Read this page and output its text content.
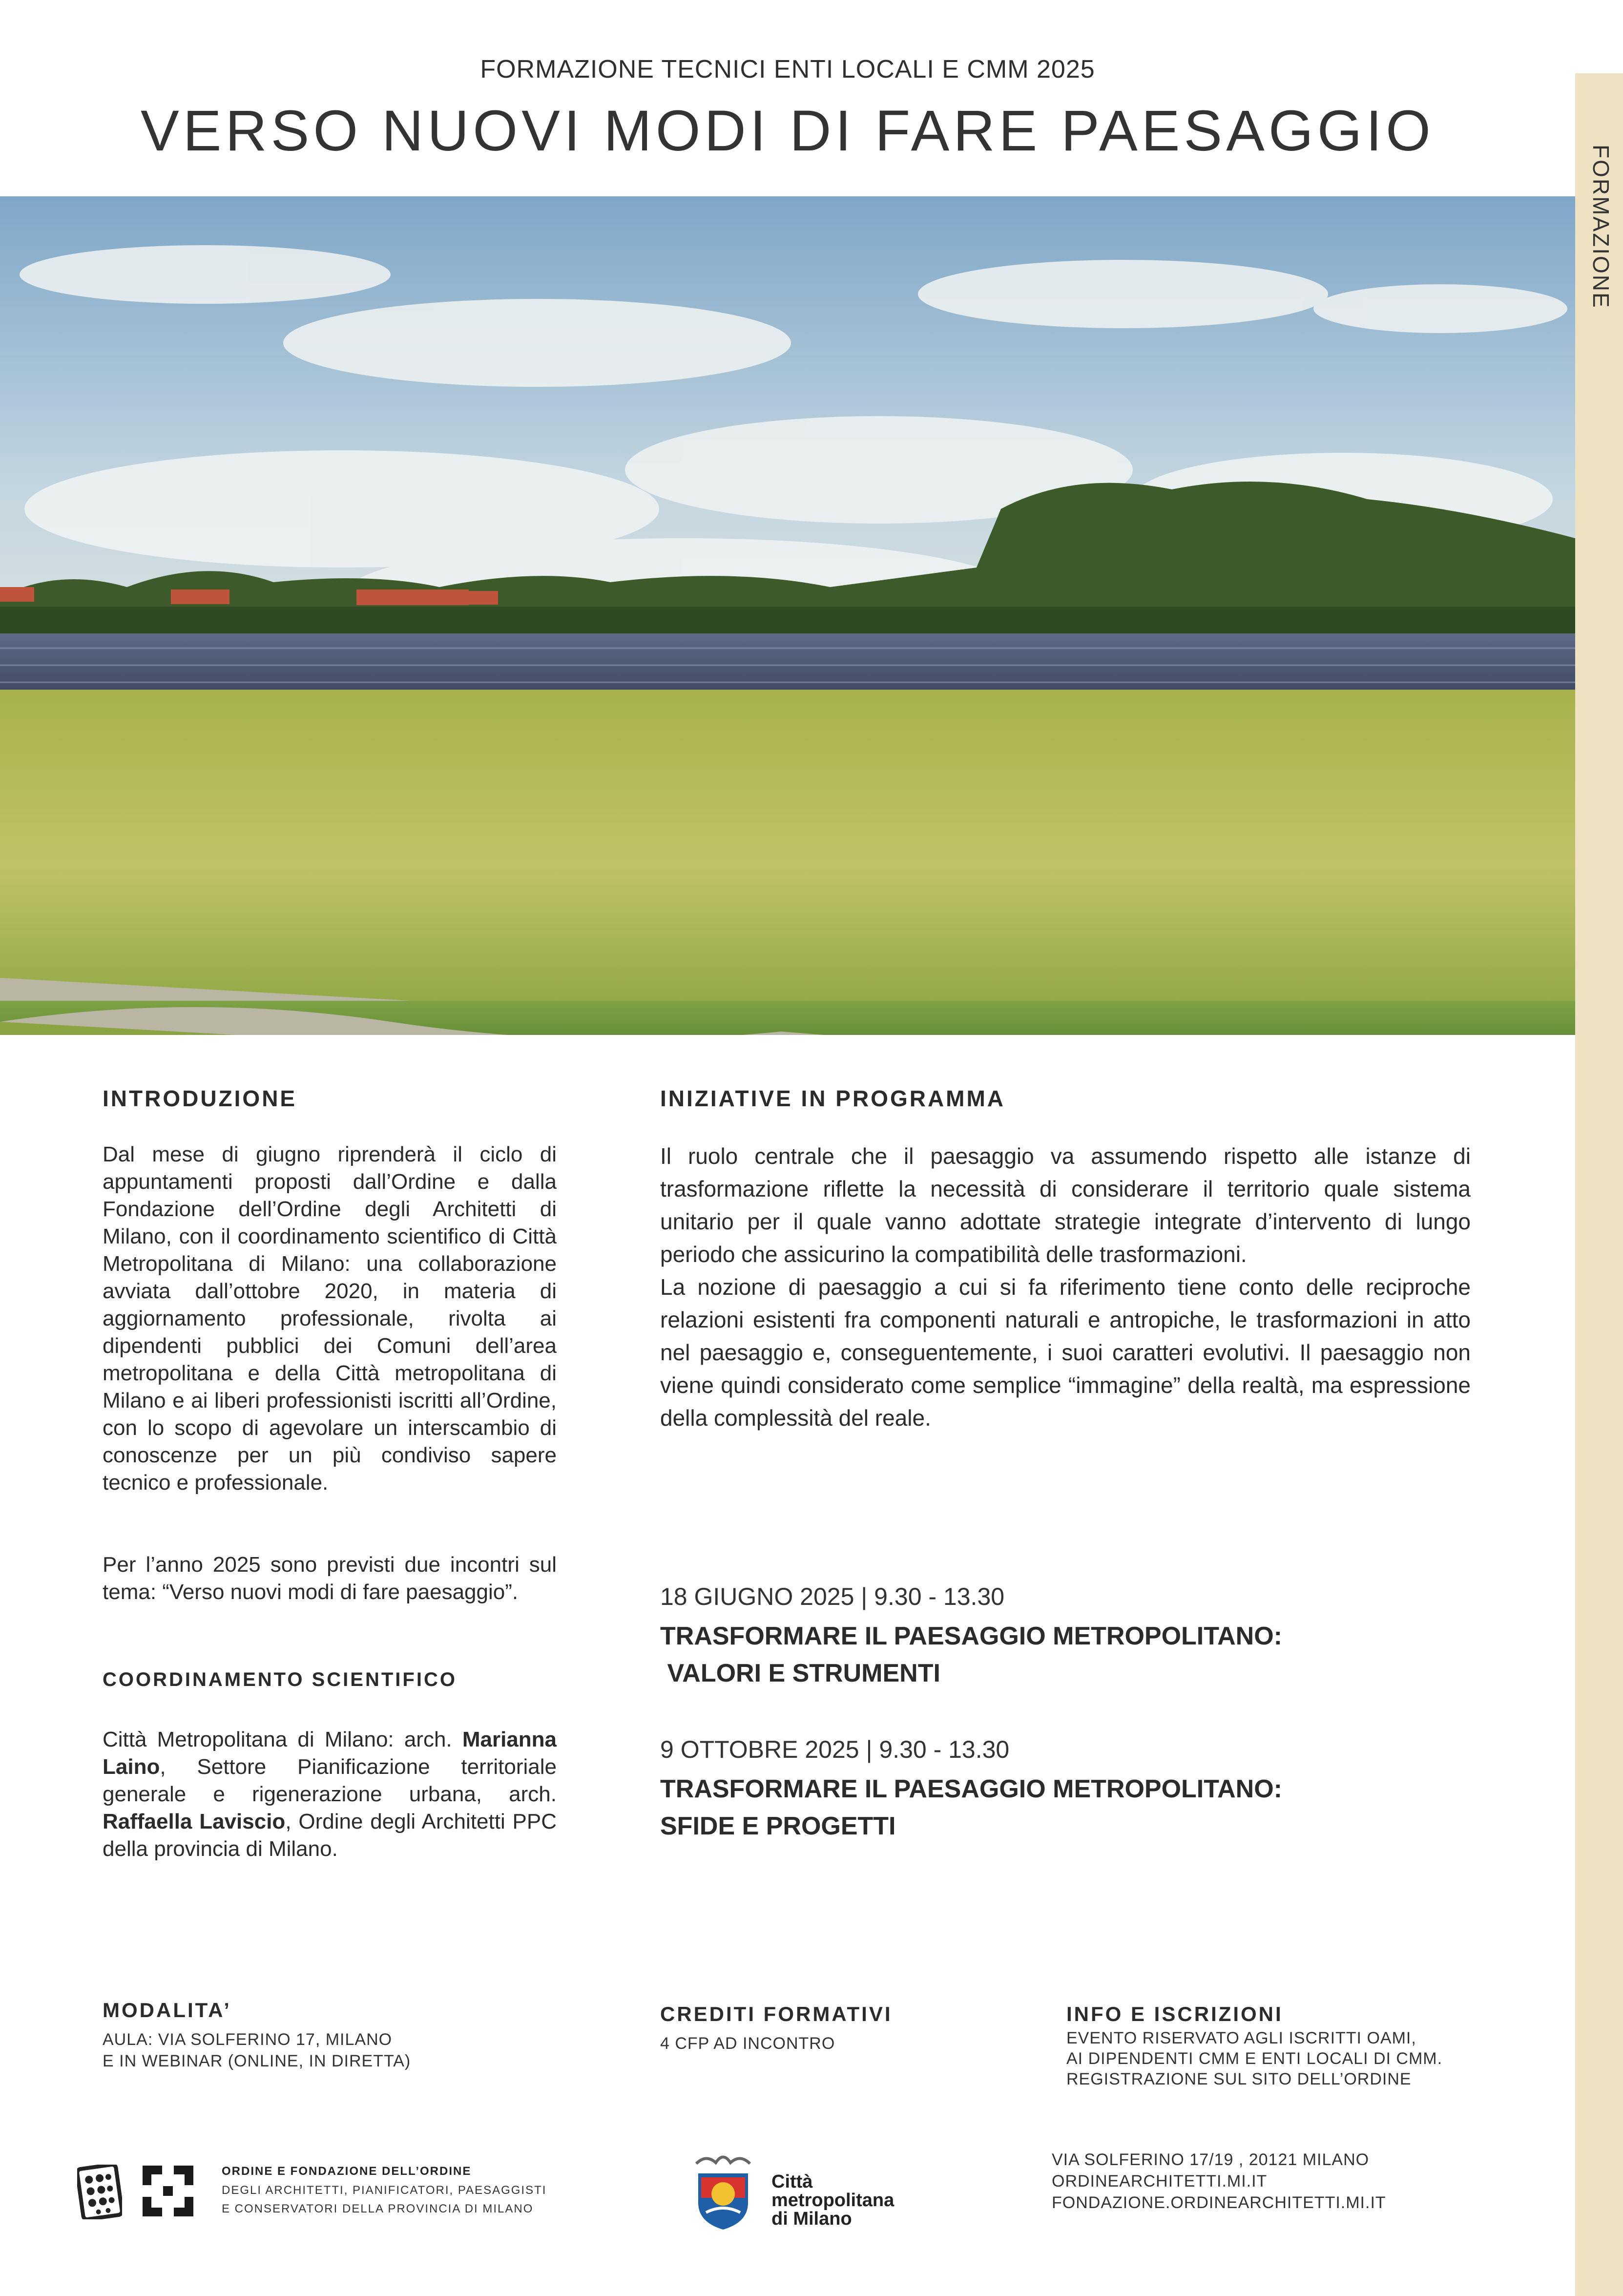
FORMAZIONE TECNICI ENTI LOCALI E CMM 2025
VERSO NUOVI MODI DI FARE PAESAGGIO
FORMAZIONE
INTRODUZIONE
Dal mese di giugno riprenderà il ciclo di appuntamenti proposti dall’Ordine e dalla Fondazione dell’Ordine degli Architetti di Milano, con il coordinamento scientifico di Città Metropolitana di Milano: una collaborazione avviata dall’ottobre 2020, in materia di aggiornamento professionale, rivolta ai dipendenti pubblici dei Comuni dell’area metropolitana e della Città metropolitana di Milano e ai liberi professionisti iscritti all’Ordine, con lo scopo di agevolare un interscambio di conoscenze per un più condiviso sapere tecnico e professionale.
Per l’anno 2025 sono previsti due incontri sul tema: “Verso nuovi modi di fare paesaggio”.
COORDINAMENTO SCIENTIFICO
Città Metropolitana di Milano: arch. Marianna Laino, Settore Pianificazione territoriale generale e rigenerazione urbana, arch. Raffaella Laviscio, Ordine degli Architetti PPC della provincia di Milano.
INIZIATIVE IN PROGRAMMA
Il ruolo centrale che il paesaggio va assumendo rispetto alle istanze di trasformazione riflette la necessità di considerare il territorio quale sistema unitario per il quale vanno adottate strategie integrate d’intervento di lungo periodo che assicurino la compatibilità delle trasformazioni.
La nozione di paesaggio a cui si fa riferimento tiene conto delle reciproche relazioni esistenti fra componenti naturali e antropiche, le trasformazioni in atto nel paesaggio e, conseguentemente, i suoi caratteri evolutivi. Il paesaggio non viene quindi considerato come semplice “immagine” della realtà, ma espressione della complessità del reale.
18 GIUGNO 2025 | 9.30 - 13.30
TRASFORMARE IL PAESAGGIO METROPOLITANO:
VALORI E STRUMENTI
9 OTTOBRE 2025 | 9.30 - 13.30
TRASFORMARE IL PAESAGGIO METROPOLITANO:
SFIDE E PROGETTI
MODALITA’
AULA: VIA SOLFERINO 17, MILANO
E IN WEBINAR (ONLINE, IN DIRETTA)
CREDITI FORMATIVI
4 CFP AD INCONTRO
INFO E ISCRIZIONI
EVENTO RISERVATO AGLI ISCRITTI OAMI,
AI DIPENDENTI CMM E ENTI LOCALI DI CMM.
REGISTRAZIONE SUL SITO DELL’ORDINE
ORDINE E FONDAZIONE DELL’ORDINE
DEGLI ARCHITETTI, PIANIFICATORI, PAESAGGISTI
E CONSERVATORI DELLA PROVINCIA DI MILANO
Città
metropolitana
di Milano
VIA SOLFERINO 17/19 , 20121 MILANO
ORDINEARCHITETTI.MI.IT
FONDAZIONE.ORDINEARCHITETTI.MI.IT
